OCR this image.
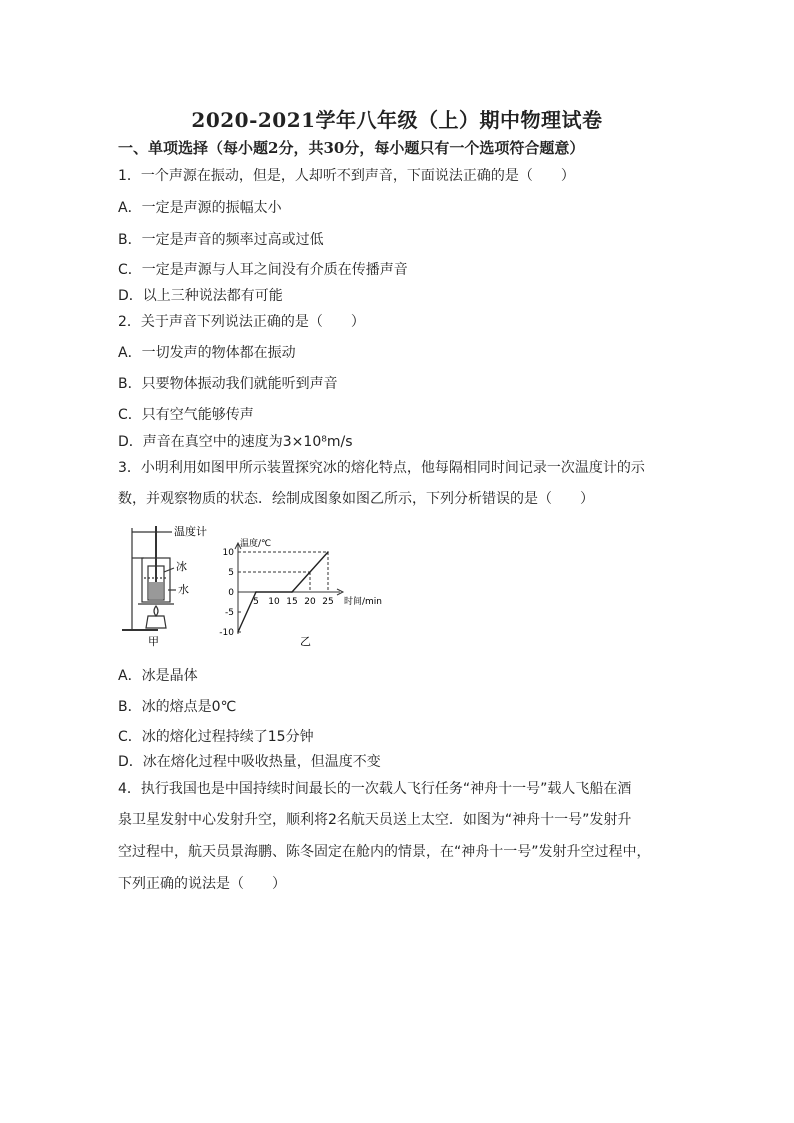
2020-2021学年八年级（上）期中物理试卷
一、单项选择（每小题2分，共30分，每小题只有一个选项符合题意）
1．一个声源在振动，但是，人却听不到声音，下面说法正确的是（　　）
A．一定是声源的振幅太小
B．一定是声音的频率过高或过低
C．一定是声源与人耳之间没有介质在传播声音
D．以上三种说法都有可能
2．关于声音下列说法正确的是（　　）
A．一切发声的物体都在振动
B．只要物体振动我们就能听到声音
C．只有空气能够传声
D．声音在真空中的速度为3×10⁸m/s
3．小明利用如图甲所示装置探究冰的熔化特点，他每隔相同时间记录一次温度计的示
数，并观察物质的状态．绘制成图象如图乙所示，下列分析错误的是（　　）
温度计
冰
水
甲
温度/℃
时间/min
10
5
0
-5
-10
5 10 15 20 25
乙
A．冰是晶体
B．冰的熔点是0℃
C．冰的熔化过程持续了15分钟
D．冰在熔化过程中吸收热量，但温度不变
4．执行我国也是中国持续时间最长的一次载人飞行任务“神舟十一号”载人飞船在酒
泉卫星发射中心发射升空，顺利将2名航天员送上太空．如图为“神舟十一号”发射升
空过程中，航天员景海鹏、陈冬固定在舱内的情景，在“神舟十一号”发射升空过程中，
下列正确的说法是（　　）
